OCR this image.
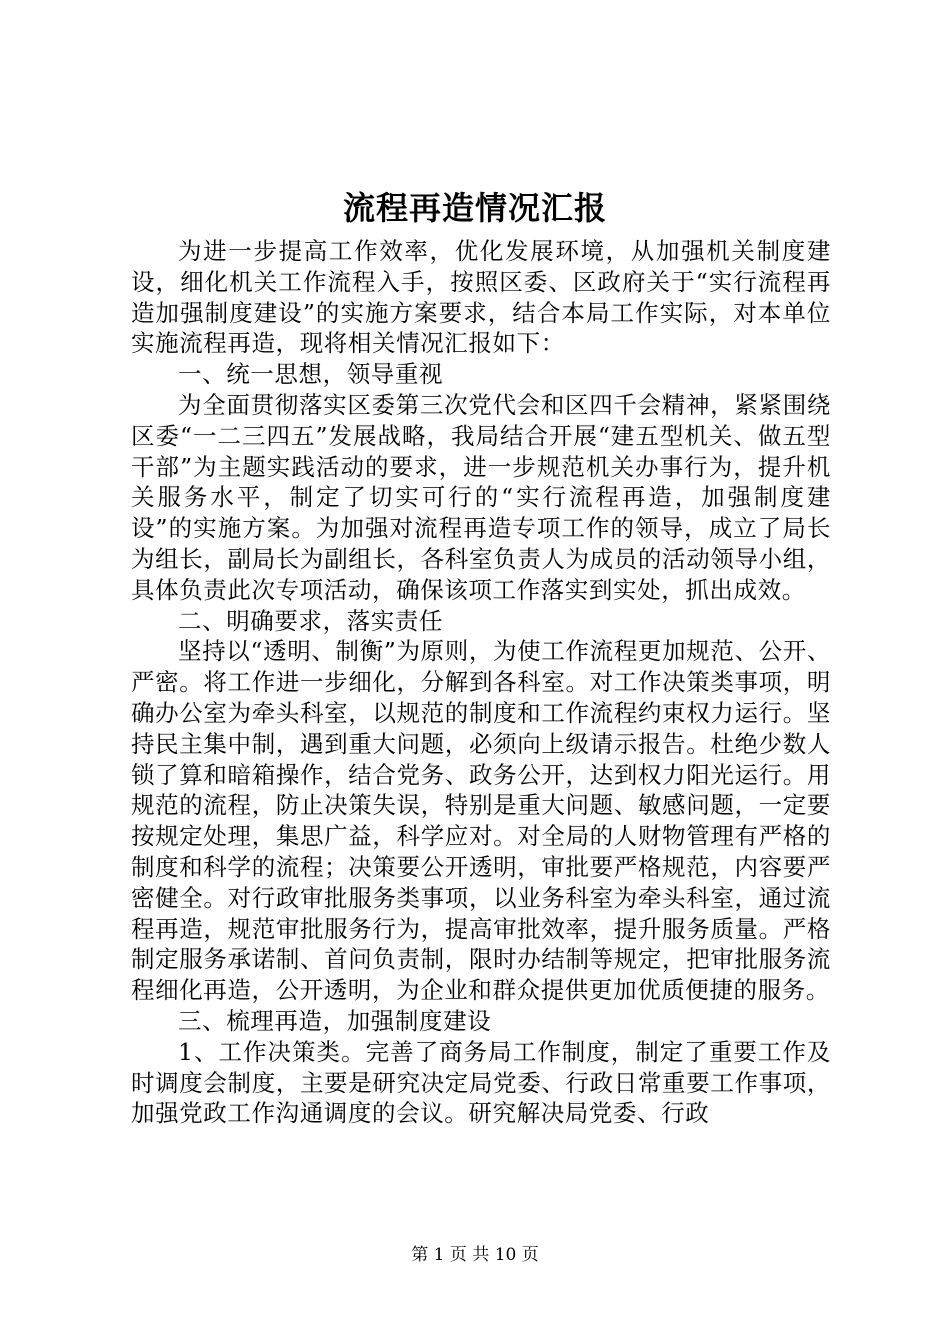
流程再造情况汇报

为进一步提高工作效率，优化发展环境，从加强机关制度建设，细化机关工作流程入手，按照区委、区政府关于“实行流程再造加强制度建设”的实施方案要求，结合本局工作实际，对本单位实施流程再造，现将相关情况汇报如下：

一、统一思想，领导重视

为全面贯彻落实区委第三次党代会和区四千会精神，紧紧围绕区委“一二三四五”发展战略，我局结合开展“建五型机关、做五型干部”为主题实践活动的要求，进一步规范机关办事行为，提升机关服务水平，制定了切实可行的“实行流程再造，加强制度建设”的实施方案。为加强对流程再造专项工作的领导，成立了局长为组长，副局长为副组长，各科室负责人为成员的活动领导小组，具体负责此次专项活动，确保该项工作落实到实处，抓出成效。

二、明确要求，落实责任

坚持以“透明、制衡”为原则，为使工作流程更加规范、公开、严密。将工作进一步细化，分解到各科室。对工作决策类事项，明确办公室为牵头科室，以规范的制度和工作流程约束权力运行。坚持民主集中制，遇到重大问题，必须向上级请示报告。杜绝少数人锁了算和暗箱操作，结合党务、政务公开，达到权力阳光运行。用规范的流程，防止决策失误，特别是重大问题、敏感问题，一定要按规定处理，集思广益，科学应对。对全局的人财物管理有严格的制度和科学的流程；决策要公开透明，审批要严格规范，内容要严密健全。对行政审批服务类事项，以业务科室为牵头科室，通过流程再造，规范审批服务行为，提高审批效率，提升服务质量。严格制定服务承诺制、首问负责制，限时办结制等规定，把审批服务流程细化再造，公开透明，为企业和群众提供更加优质便捷的服务。

三、梳理再造，加强制度建设

1、工作决策类。完善了商务局工作制度，制定了重要工作及时调度会制度，主要是研究决定局党委、行政日常重要工作事项，加强党政工作沟通调度的会议。研究解决局党委、行政

第 1 页 共 10 页
